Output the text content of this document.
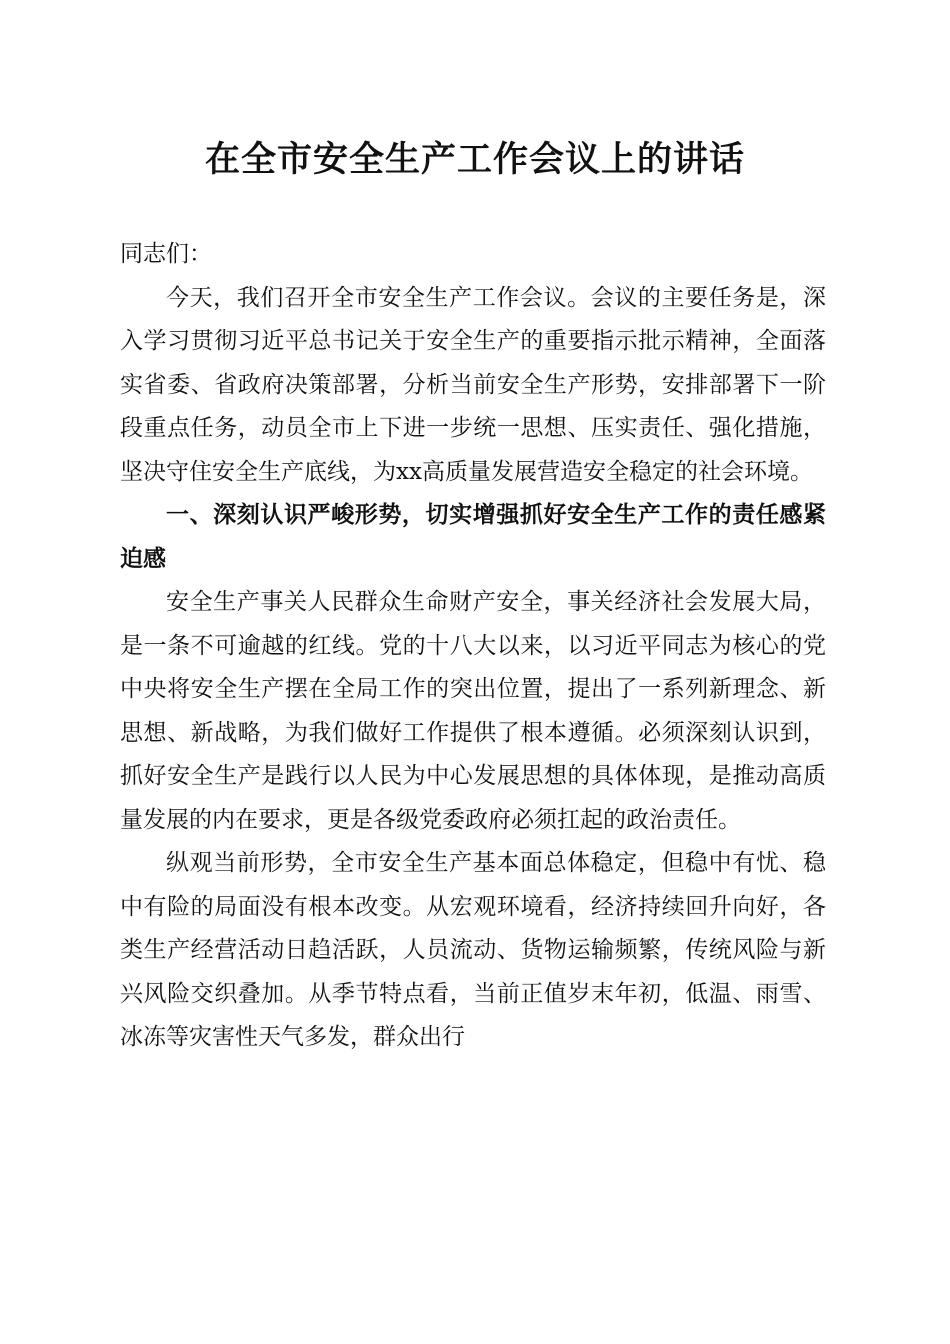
在全市安全生产工作会议上的讲话

同志们：

今天，我们召开全市安全生产工作会议。会议的主要任务是，深入学习贯彻习近平总书记关于安全生产的重要指示批示精神，全面落实省委、省政府决策部署，分析当前安全生产形势，安排部署下一阶段重点任务，动员全市上下进一步统一思想、压实责任、强化措施，坚决守住安全生产底线，为xx高质量发展营造安全稳定的社会环境。

一、深刻认识严峻形势，切实增强抓好安全生产工作的责任感紧迫感

安全生产事关人民群众生命财产安全，事关经济社会发展大局，是一条不可逾越的红线。党的十八大以来，以习近平同志为核心的党中央将安全生产摆在全局工作的突出位置，提出了一系列新理念、新思想、新战略，为我们做好工作提供了根本遵循。必须深刻认识到，抓好安全生产是践行以人民为中心发展思想的具体体现，是推动高质量发展的内在要求，更是各级党委政府必须扛起的政治责任。

纵观当前形势，全市安全生产基本面总体稳定，但稳中有忧、稳中有险的局面没有根本改变。从宏观环境看，经济持续回升向好，各类生产经营活动日趋活跃，人员流动、货物运输频繁，传统风险与新兴风险交织叠加。从季节特点看，当前正值岁末年初，低温、雨雪、冰冻等灾害性天气多发，群众出行
